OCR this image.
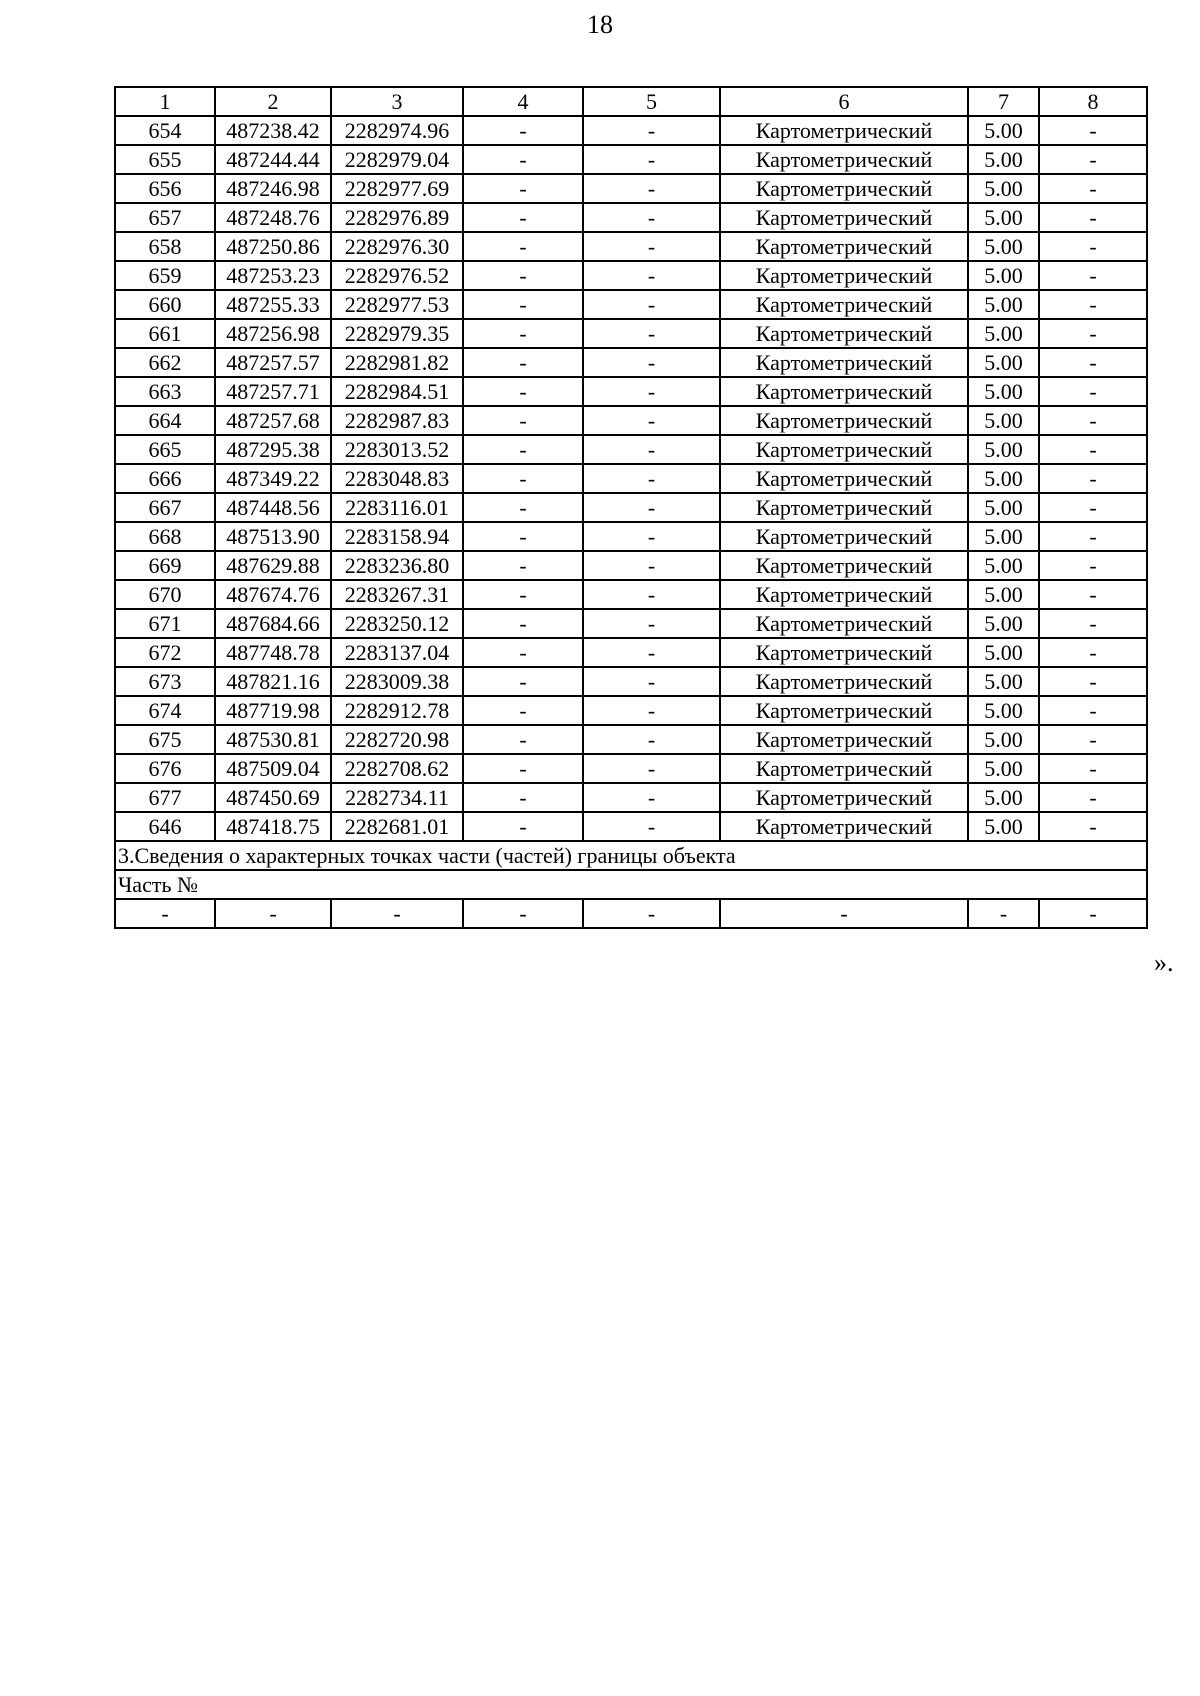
18
1	2	3	4	5	6	7	8
654	487238.42	2282974.96	-	-	Картометрический	5.00	-
655	487244.44	2282979.04	-	-	Картометрический	5.00	-
656	487246.98	2282977.69	-	-	Картометрический	5.00	-
657	487248.76	2282976.89	-	-	Картометрический	5.00	-
658	487250.86	2282976.30	-	-	Картометрический	5.00	-
659	487253.23	2282976.52	-	-	Картометрический	5.00	-
660	487255.33	2282977.53	-	-	Картометрический	5.00	-
661	487256.98	2282979.35	-	-	Картометрический	5.00	-
662	487257.57	2282981.82	-	-	Картометрический	5.00	-
663	487257.71	2282984.51	-	-	Картометрический	5.00	-
664	487257.68	2282987.83	-	-	Картометрический	5.00	-
665	487295.38	2283013.52	-	-	Картометрический	5.00	-
666	487349.22	2283048.83	-	-	Картометрический	5.00	-
667	487448.56	2283116.01	-	-	Картометрический	5.00	-
668	487513.90	2283158.94	-	-	Картометрический	5.00	-
669	487629.88	2283236.80	-	-	Картометрический	5.00	-
670	487674.76	2283267.31	-	-	Картометрический	5.00	-
671	487684.66	2283250.12	-	-	Картометрический	5.00	-
672	487748.78	2283137.04	-	-	Картометрический	5.00	-
673	487821.16	2283009.38	-	-	Картометрический	5.00	-
674	487719.98	2282912.78	-	-	Картометрический	5.00	-
675	487530.81	2282720.98	-	-	Картометрический	5.00	-
676	487509.04	2282708.62	-	-	Картометрический	5.00	-
677	487450.69	2282734.11	-	-	Картометрический	5.00	-
646	487418.75	2282681.01	-	-	Картометрический	5.00	-
3.Сведения о характерных точках части (частей) границы объекта							
Часть №							
-	-	-	-	-	-	-	-
».
